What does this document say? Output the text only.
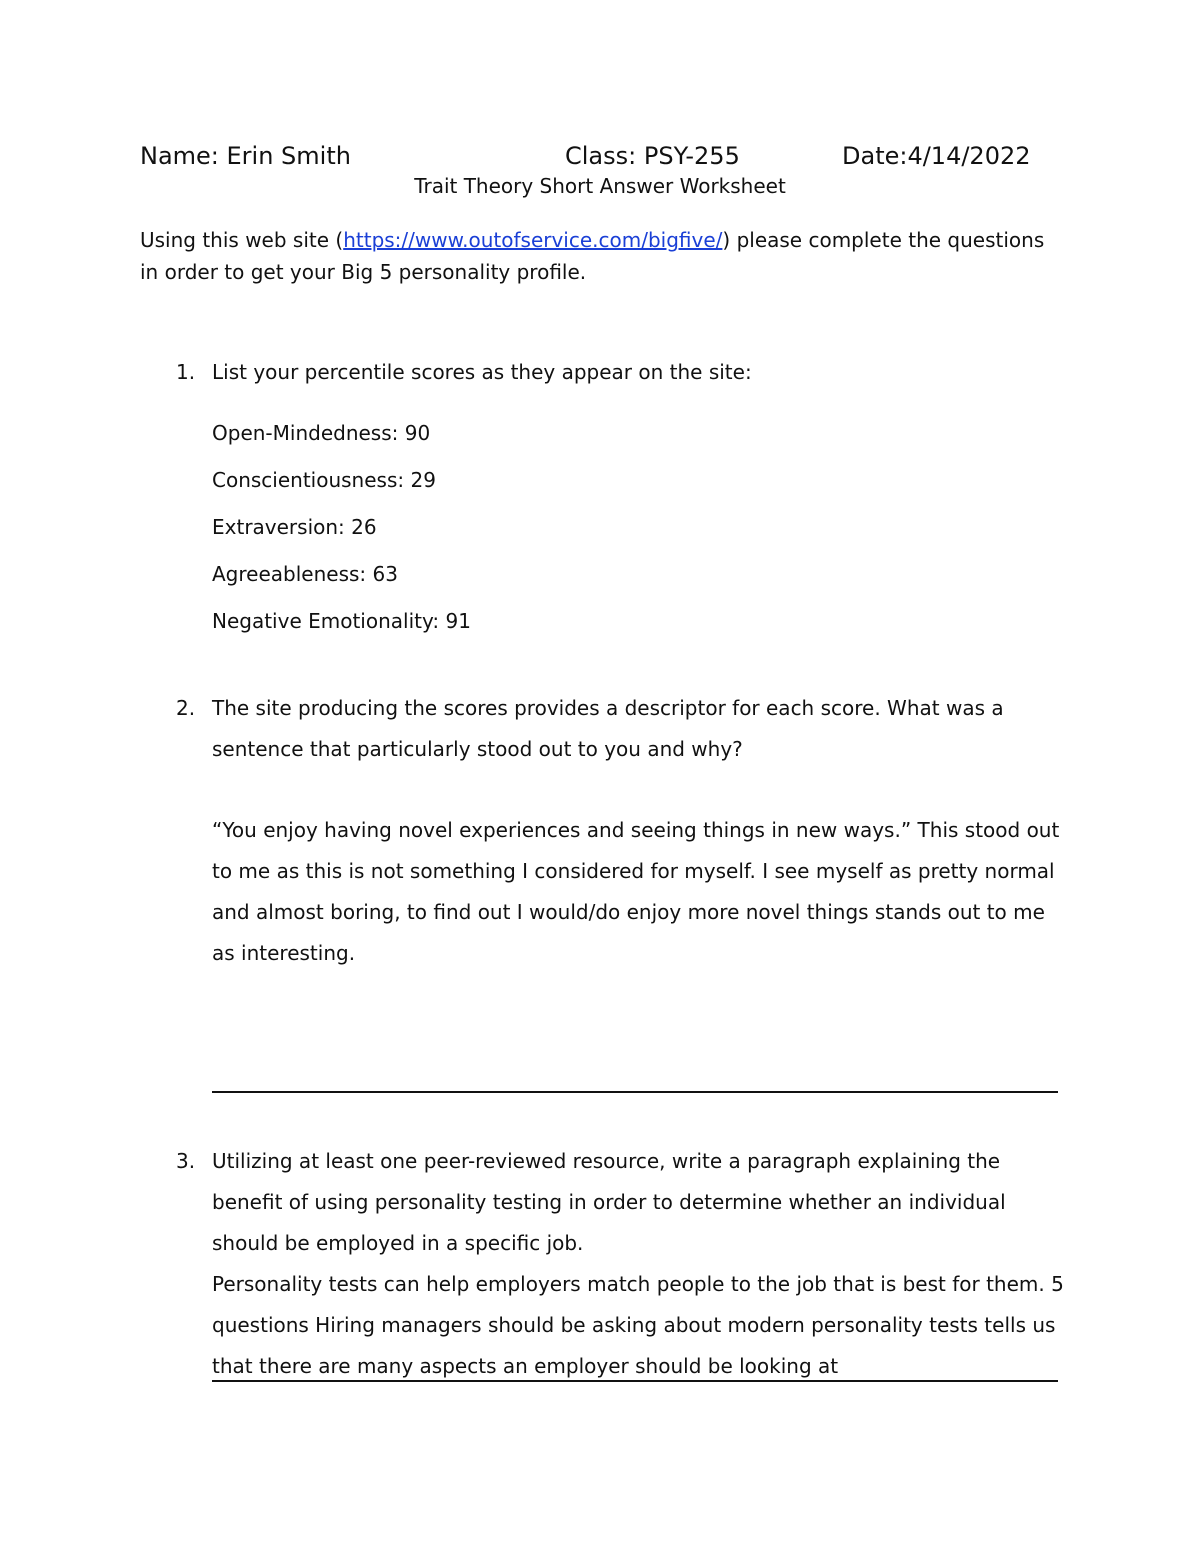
Name: Erin Smith	Class: PSY-255	Date:4/14/2022
Trait Theory Short Answer Worksheet
Using this web site (https://www.outofservice.com/bigfive/) please complete the questions in order to get your Big 5 personality profile.
1. List your percentile scores as they appear on the site:
Open-Mindedness: 90
Conscientiousness: 29
Extraversion: 26
Agreeableness: 63
Negative Emotionality: 91
2. The site producing the scores provides a descriptor for each score. What was a sentence that particularly stood out to you and why?
“You enjoy having novel experiences and seeing things in new ways.” This stood out to me as this is not something I considered for myself. I see myself as pretty normal and almost boring, to find out I would/do enjoy more novel things stands out to me as interesting.
3. Utilizing at least one peer-reviewed resource, write a paragraph explaining the benefit of using personality testing in order to determine whether an individual should be employed in a specific job.
Personality tests can help employers match people to the job that is best for them. 5 questions Hiring managers should be asking about modern personality tests tells us that there are many aspects an employer should be looking at
